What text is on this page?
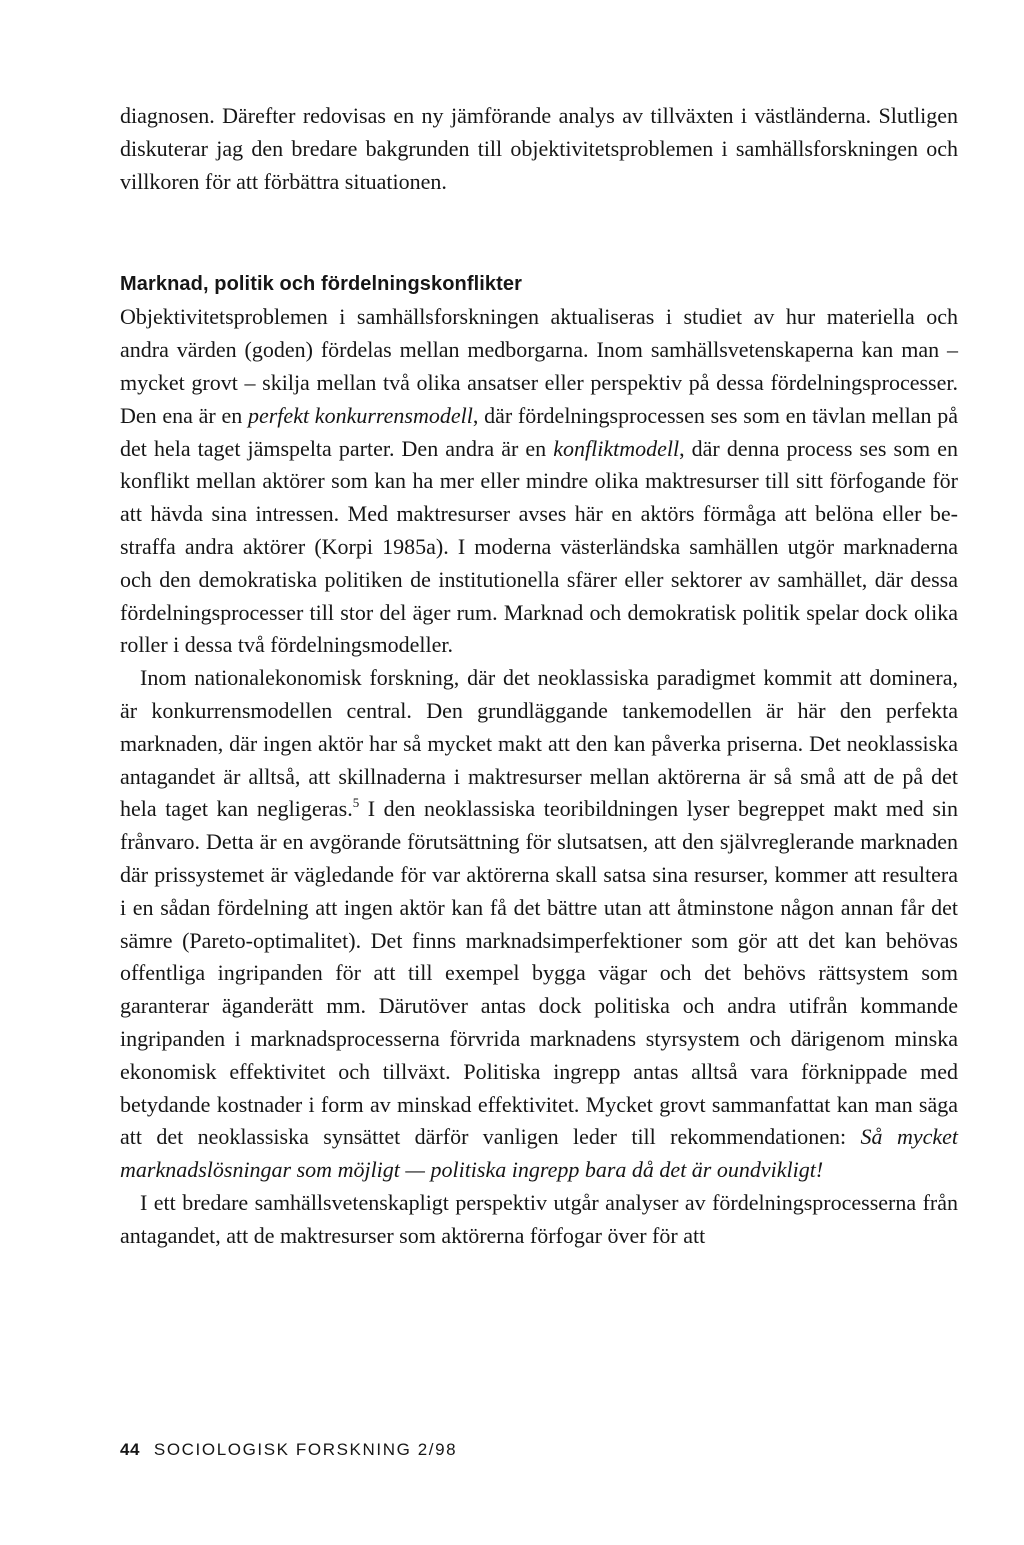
diagnosen. Därefter redovisas en ny jämförande analys av tillväxten i västländerna. Slutligen diskuterar jag den bredare bakgrunden till objektivitetsproblemen i samhällsforskningen och villkoren för att förbättra situationen.

Marknad, politik och fördelningskonflikter

Objektivitetsproblemen i samhällsforskningen aktualiseras i studiet av hur materiella och andra värden (goden) fördelas mellan medborgarna. Inom samhällsvetenskaperna kan man – mycket grovt – skilja mellan två olika ansatser eller perspektiv på dessa fördelningsprocesser. Den ena är en perfekt konkurrensmodell, där fördelningsprocessen ses som en tävlan mellan på det hela taget jämspelta parter. Den andra är en konfliktmodell, där denna process ses som en konflikt mellan aktörer som kan ha mer eller mindre olika maktresurser till sitt förfogande för att hävda sina intressen. Med maktresurser avses här en aktörs förmåga att belöna eller bestraffa andra aktörer (Korpi 1985a). I moderna västerländska samhällen utgör marknaderna och den demokratiska politiken de institutionella sfärer eller sektorer av samhället, där dessa fördelningsprocesser till stor del äger rum. Marknad och demokratisk politik spelar dock olika roller i dessa två fördelningsmodeller.

Inom nationalekonomisk forskning, där det neoklassiska paradigmet kommit att dominera, är konkurrensmodellen central. Den grundläggande tankemodellen är här den perfekta marknaden, där ingen aktör har så mycket makt att den kan påverka priserna. Det neoklassiska antagandet är alltså, att skillnaderna i maktresurser mellan aktörerna är så små att de på det hela taget kan negligeras.$^5$ I den neoklassiska teoribildningen lyser begreppet makt med sin frånvaro. Detta är en avgörande förutsättning för slutsatsen, att den självreglerande marknaden där prissystemet är vägledande för var aktörerna skall satsa sina resurser, kommer att resultera i en sådan fördelning att ingen aktör kan få det bättre utan att åtminstone någon annan får det sämre (Pareto-optimalitet). Det finns marknadsimperfektioner som gör att det kan behövas offentliga ingripanden för att till exempel bygga vägar och det behövs rättsystem som garanterar äganderätt mm. Därutöver antas dock politiska och andra utifrån kommande ingripanden i marknadsprocesserna förvrida marknadens styrsystem och därigenom minska ekonomisk effektivitet och tillväxt. Politiska ingrepp antas alltså vara förknippade med betydande kostnader i form av minskad effektivitet. Mycket grovt sammanfattat kan man säga att det neoklassiska synsättet därför vanligen leder till rekommendationen: Så mycket marknadslösningar som möjligt — politiska ingrepp bara då det är oundvikligt!

I ett bredare samhällsvetenskapligt perspektiv utgår analyser av fördelningsprocesserna från antagandet, att de maktresurser som aktörerna förfogar över för att

44 SOCIOLOGISK FORSKNING 2/98
